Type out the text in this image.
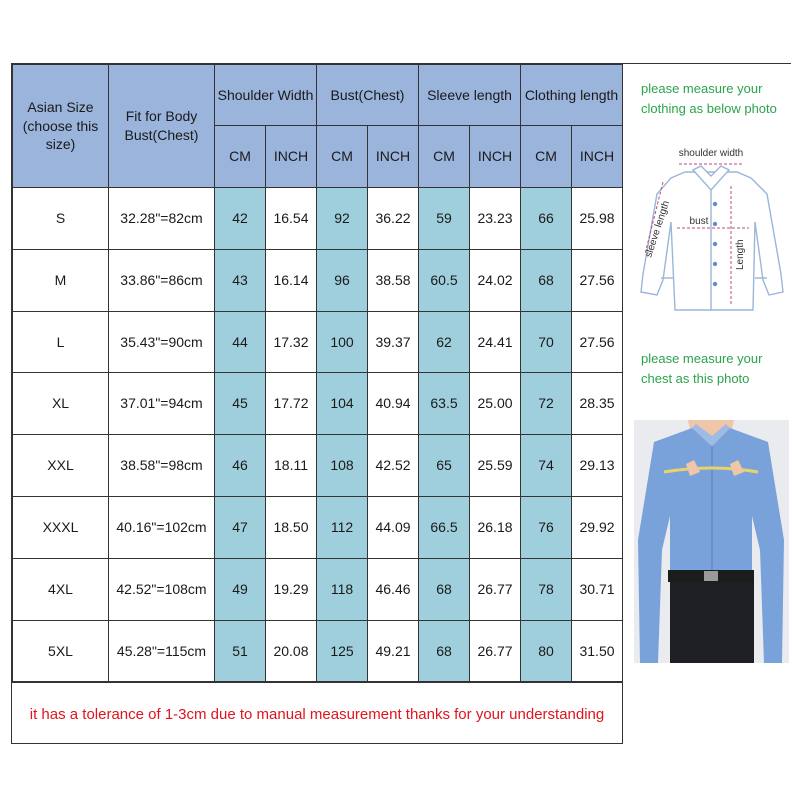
Asian Size (choose this size)	Fit for Body Bust(Chest)	Shoulder Width		Bust(Chest)		Sleeve length		Clothing length	
		CM	INCH	CM	INCH	CM	INCH	CM	INCH
S	32.28"=82cm	42	16.54	92	36.22	59	23.23	66	25.98
M	33.86"=86cm	43	16.14	96	38.58	60.5	24.02	68	27.56
L	35.43"=90cm	44	17.32	100	39.37	62	24.41	70	27.56
XL	37.01"=94cm	45	17.72	104	40.94	63.5	25.00	72	28.35
XXL	38.58"=98cm	46	18.11	108	42.52	65	25.59	74	29.13
XXXL	40.16"=102cm	47	18.50	112	44.09	66.5	26.18	76	29.92
4XL	42.52"=108cm	49	19.29	118	46.46	68	26.77	78	30.71
5XL	45.28"=115cm	51	20.08	125	49.21	68	26.77	80	31.50
it has a tolerance of 1-3cm due to manual measurement thanks for your understanding
please measure your clothing as below photo
shoulder width
bust
Length
sleeve length
please measure your chest as this photo
